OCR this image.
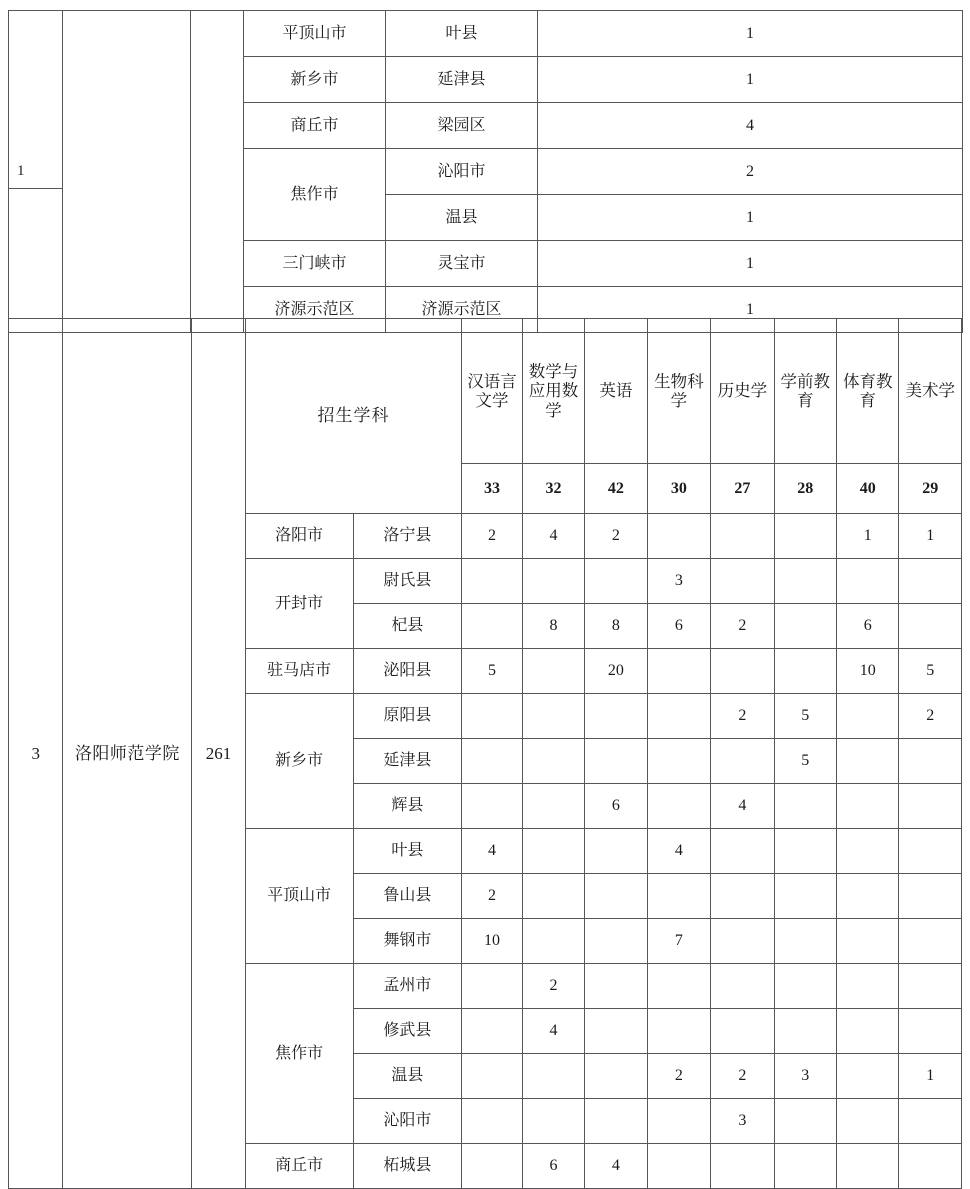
1			平顶山市	叶县	1
			新乡市	延津县	1
			商丘市	梁园区	4
			焦作市	沁阳市	2
				温县	1
			三门峡市	灵宝市	1
			济源示范区	济源示范区	1
3	洛阳师范学院	261	招生学科		汉语言文学	数学与应用数学	英语	生物科学	历史学	学前教育	体育教育	美术学
					33	32	42	30	27	28	40	29
			洛阳市	洛宁县	2	4	2				1	1
			开封市	尉氏县				3				
				杞县		8	8	6	2		6	
			驻马店市	泌阳县	5		20				10	5
			新乡市	原阳县					2	5		2
				延津县						5		
				辉县			6		4			
			平顶山市	叶县	4			4				
				鲁山县	2							
				舞钢市	10			7				
			焦作市	孟州市		2						
				修武县		4						
				温县				2	2	3		1
				沁阳市					3			
			商丘市	柘城县		6	4					
